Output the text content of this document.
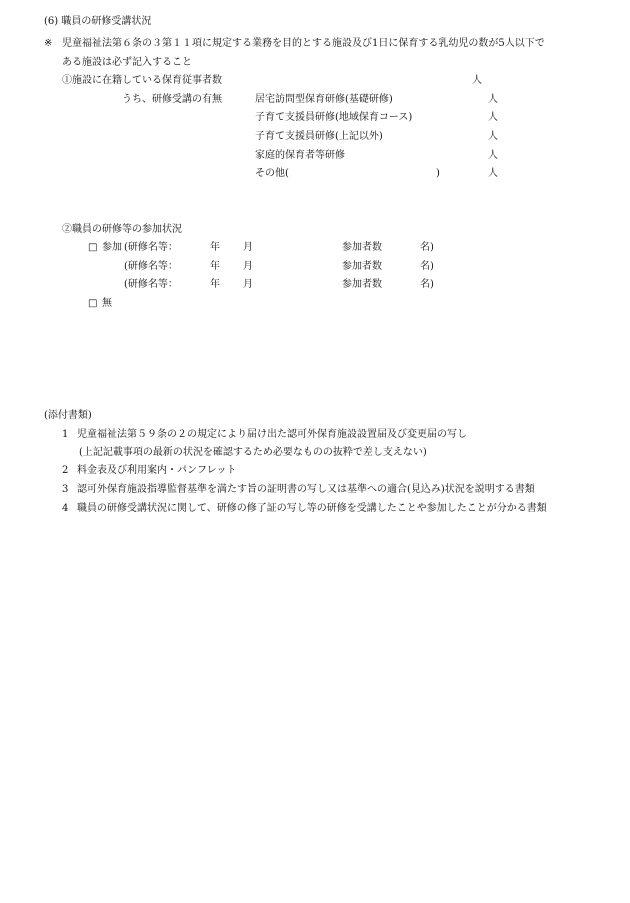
(6) 職員の研修受講状況
※ 児童福祉法第６条の３第１１項に規定する業務を目的とする施設及び1日に保育する乳幼児の数が5人以下で
ある施設は必ず記入すること
①施設に在籍している保育従事者数	人
うち、研修受講の有無	居宅訪問型保育研修(基礎研修)	人
子育て支援員研修(地域保育コース)	人
子育て支援員研修(上記以外)	人
家庭的保育者等研修	人
その他(	)	人
②職員の研修等の参加状況
□ 参加 (研修名等：	年 月	参加者数	名)
(研修名等：	年 月	参加者数	名)
(研修名等：	年 月	参加者数	名)
□ 無
(添付書類)
1 児童福祉法第５９条の２の規定により届け出た認可外保育施設設置届及び変更届の写し
(上記記載事項の最新の状況を確認するため必要なものの抜粋で差し支えない)
2 料金表及び利用案内・パンフレット
3 認可外保育施設指導監督基準を満たす旨の証明書の写し又は基準への適合(見込み)状況を説明する書類
4 職員の研修受講状況に関して、研修の修了証の写し等の研修を受講したことや参加したことが分かる書類
